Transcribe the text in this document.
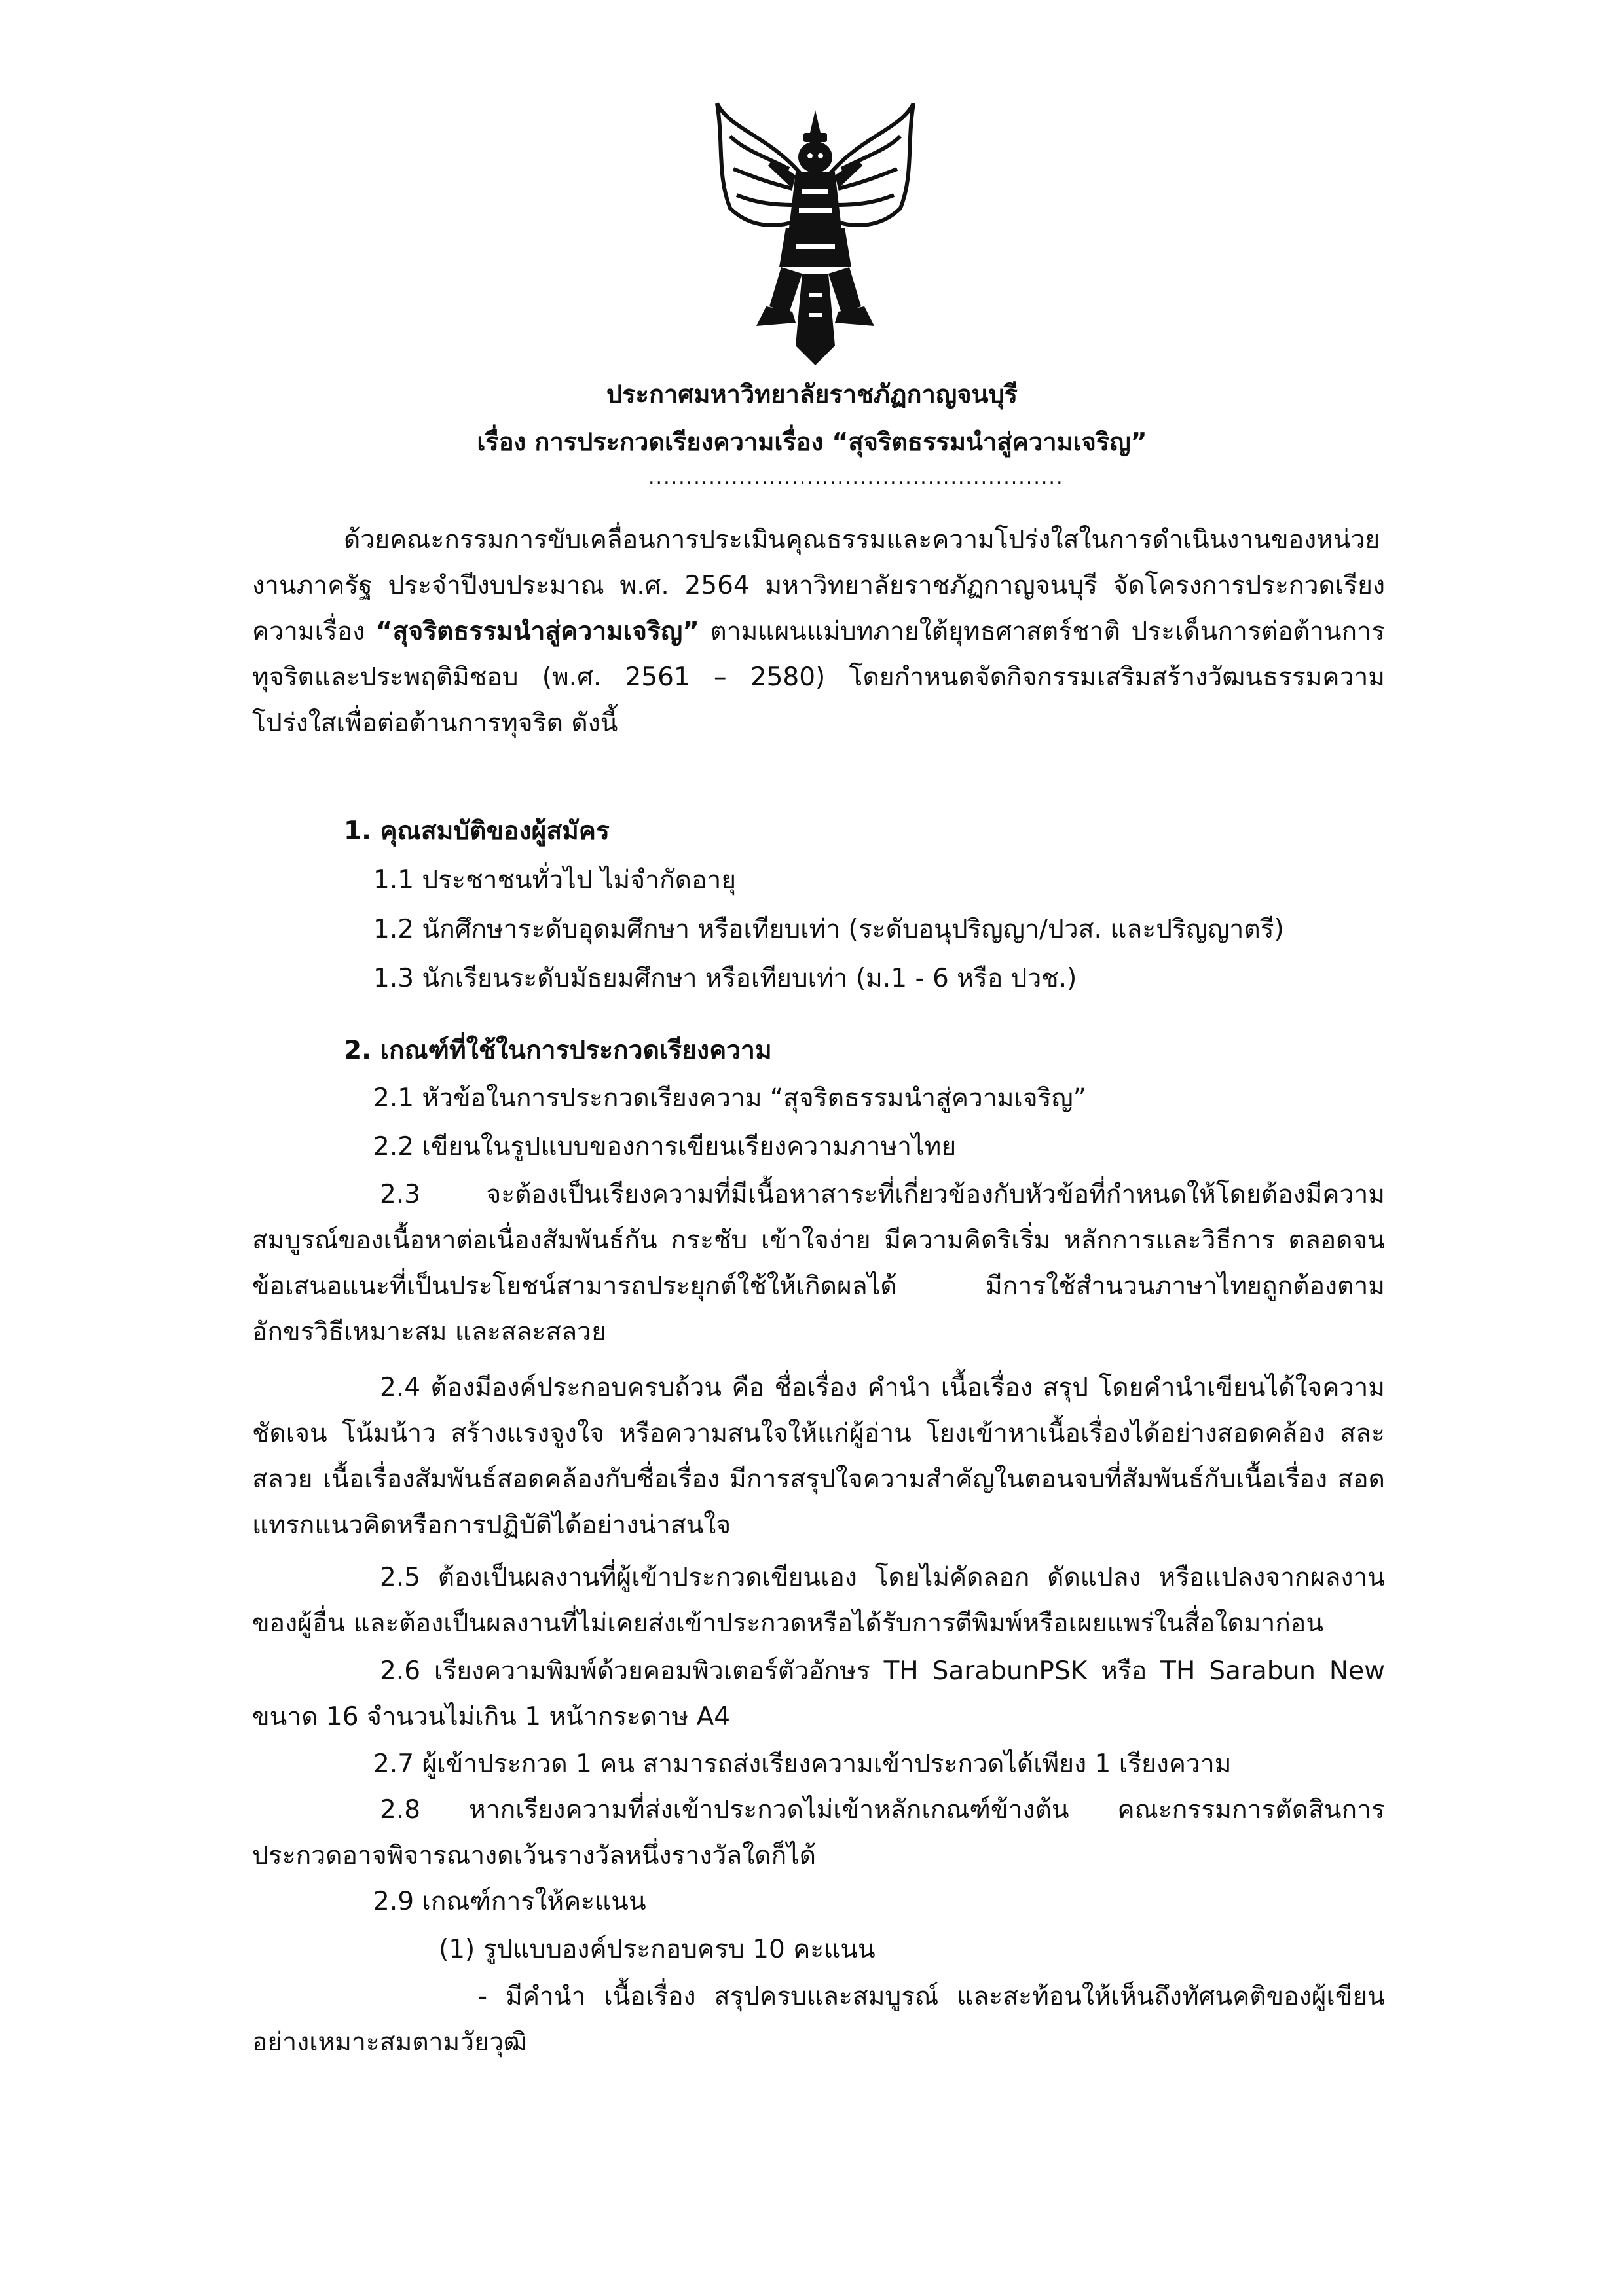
ประกาศมหาวิทยาลัยราชภัฏกาญจนบุรี
เรื่อง การประกวดเรียงความเรื่อง “สุจริตธรรมนำสู่ความเจริญ”
.......................................................

ด้วยคณะกรรมการขับเคลื่อนการประเมินคุณธรรมและความโปร่งใสในการดำเนินงานของหน่วยงานภาครัฐ ประจำปีงบประมาณ พ.ศ. 2564 มหาวิทยาลัยราชภัฏกาญจนบุรี จัดโครงการประกวดเรียงความเรื่อง “สุจริตธรรมนำสู่ความเจริญ” ตามแผนแม่บทภายใต้ยุทธศาสตร์ชาติ ประเด็นการต่อต้านการทุจริตและประพฤติมิชอบ (พ.ศ. 2561 – 2580) โดยกำหนดจัดกิจกรรมเสริมสร้างวัฒนธรรมความโปร่งใสเพื่อต่อต้านการทุจริต ดังนี้

1. คุณสมบัติของผู้สมัคร
1.1 ประชาชนทั่วไป ไม่จำกัดอายุ
1.2 นักศึกษาระดับอุดมศึกษา หรือเทียบเท่า (ระดับอนุปริญญา/ปวส. และปริญญาตรี)
1.3 นักเรียนระดับมัธยมศึกษา หรือเทียบเท่า (ม.1 - 6 หรือ ปวช.)
2. เกณฑ์ที่ใช้ในการประกวดเรียงความ
2.1 หัวข้อในการประกวดเรียงความ “สุจริตธรรมนำสู่ความเจริญ”
2.2 เขียนในรูปแบบของการเขียนเรียงความภาษาไทย

2.3 จะต้องเป็นเรียงความที่มีเนื้อหาสาระที่เกี่ยวข้องกับหัวข้อที่กำหนดให้โดยต้องมีความสมบูรณ์ของเนื้อหาต่อเนื่องสัมพันธ์กัน กระชับ เข้าใจง่าย มีความคิดริเริ่ม หลักการและวิธีการ ตลอดจนข้อเสนอแนะที่เป็นประโยชน์สามารถประยุกต์ใช้ให้เกิดผลได้ มีการใช้สำนวนภาษาไทยถูกต้องตามอักขรวิธีเหมาะสม และสละสลวย

2.4 ต้องมีองค์ประกอบครบถ้วน คือ ชื่อเรื่อง คำนำ เนื้อเรื่อง สรุป โดยคำนำเขียนได้ใจความชัดเจน โน้มน้าว สร้างแรงจูงใจ หรือความสนใจให้แก่ผู้อ่าน โยงเข้าหาเนื้อเรื่องได้อย่างสอดคล้อง สละสลวย เนื้อเรื่องสัมพันธ์สอดคล้องกับชื่อเรื่อง มีการสรุปใจความสำคัญในตอนจบที่สัมพันธ์กับเนื้อเรื่อง สอดแทรกแนวคิดหรือการปฏิบัติได้อย่างน่าสนใจ

2.5 ต้องเป็นผลงานที่ผู้เข้าประกวดเขียนเอง โดยไม่คัดลอก ดัดแปลง หรือแปลงจากผลงานของผู้อื่น และต้องเป็นผลงานที่ไม่เคยส่งเข้าประกวดหรือได้รับการตีพิมพ์หรือเผยแพร่ในสื่อใดมาก่อน

2.6 เรียงความพิมพ์ด้วยคอมพิวเตอร์ตัวอักษร TH SarabunPSK หรือ TH Sarabun New ขนาด 16 จำนวนไม่เกิน 1 หน้ากระดาษ A4

2.7 ผู้เข้าประกวด 1 คน สามารถส่งเรียงความเข้าประกวดได้เพียง 1 เรียงความ

2.8 หากเรียงความที่ส่งเข้าประกวดไม่เข้าหลักเกณฑ์ข้างต้น คณะกรรมการตัดสินการประกวดอาจพิจารณางดเว้นรางวัลหนึ่งรางวัลใดก็ได้

2.9 เกณฑ์การให้คะแนน
(1) รูปแบบองค์ประกอบครบ 10 คะแนน

- มีคำนำ เนื้อเรื่อง สรุปครบและสมบูรณ์ และสะท้อนให้เห็นถึงทัศนคติของผู้เขียนอย่างเหมาะสมตามวัยวุฒิ
